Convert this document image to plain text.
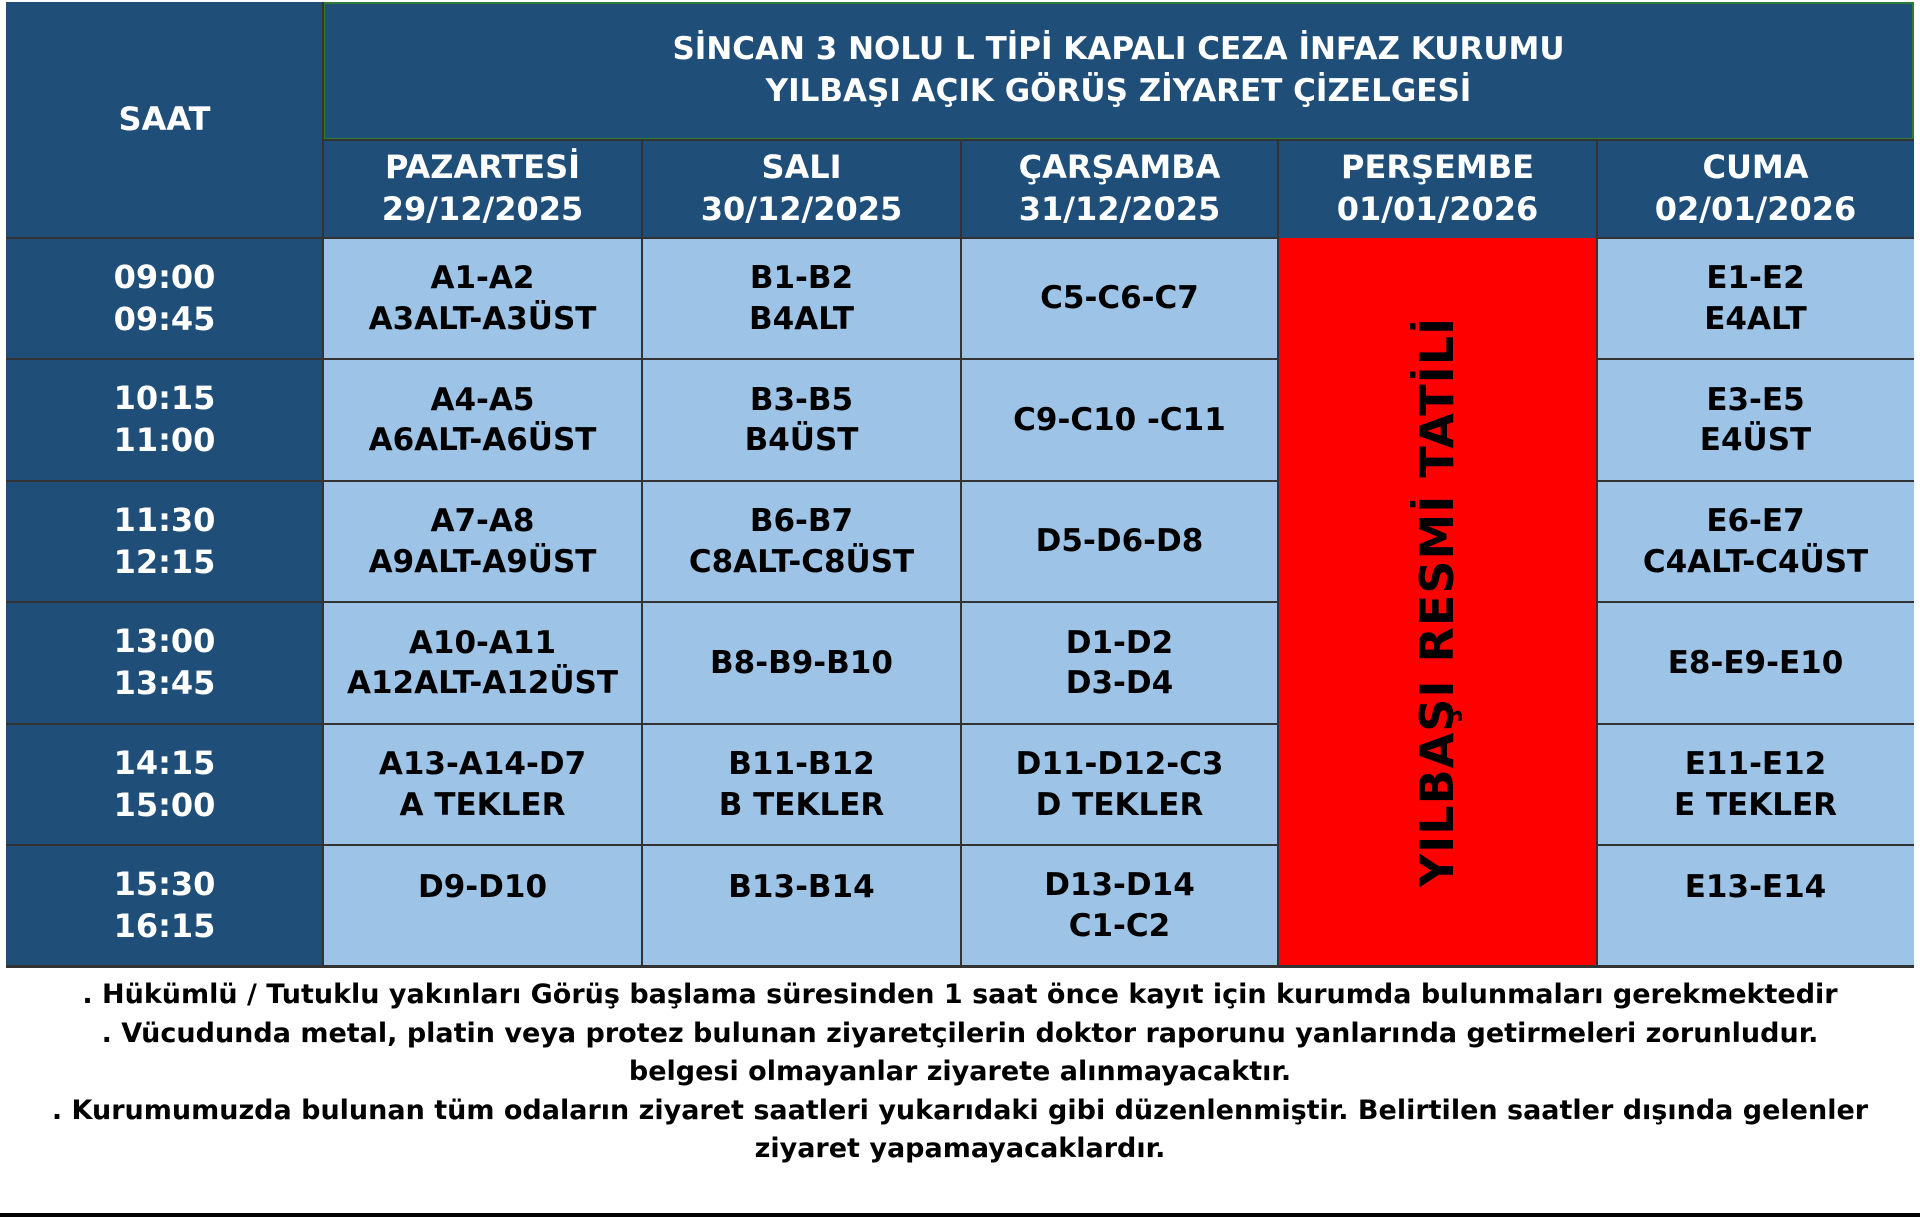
SAAT
SİNCAN 3 NOLU L TİPİ KAPALI CEZA İNFAZ KURUMU
YILBAŞI AÇIK GÖRÜŞ ZİYARET ÇİZELGESİ
PAZARTESİ
29/12/2025
SALI
30/12/2025
ÇARŞAMBA
31/12/2025
PERŞEMBE
01/01/2026
CUMA
02/01/2026
09:00
09:45
A1-A2
A3ALT-A3ÜST
B1-B2
B4ALT
C5-C6-C7
E1-E2
E4ALT
10:15
11:00
A4-A5
A6ALT-A6ÜST
B3-B5
B4ÜST
C9-C10 -C11
E3-E5
E4ÜST
11:30
12:15
A7-A8
A9ALT-A9ÜST
B6-B7
C8ALT-C8ÜST
D5-D6-D8
E6-E7
C4ALT-C4ÜST
13:00
13:45
A10-A11
A12ALT-A12ÜST
B8-B9-B10
D1-D2
D3-D4
E8-E9-E10
14:15
15:00
A13-A14-D7
A TEKLER
B11-B12
B TEKLER
D11-D12-C3
D TEKLER
E11-E12
E TEKLER
15:30
16:15
D9-D10	B13-B14	D13-D14
C1-C2
E13-E14
YILBAŞI RESMİ TATİLİ
. Hükümlü / Tutuklu yakınları Görüş başlama süresinden 1 saat önce kayıt için kurumda bulunmaları gerekmektedir
. Vücudunda metal, platin veya protez bulunan ziyaretçilerin doktor raporunu yanlarında getirmeleri zorunludur.
belgesi olmayanlar ziyarete alınmayacaktır.
. Kurumumuzda bulunan tüm odaların ziyaret saatleri yukarıdaki gibi düzenlenmiştir. Belirtilen saatler dışında gelenler
ziyaret yapamayacaklardır.
